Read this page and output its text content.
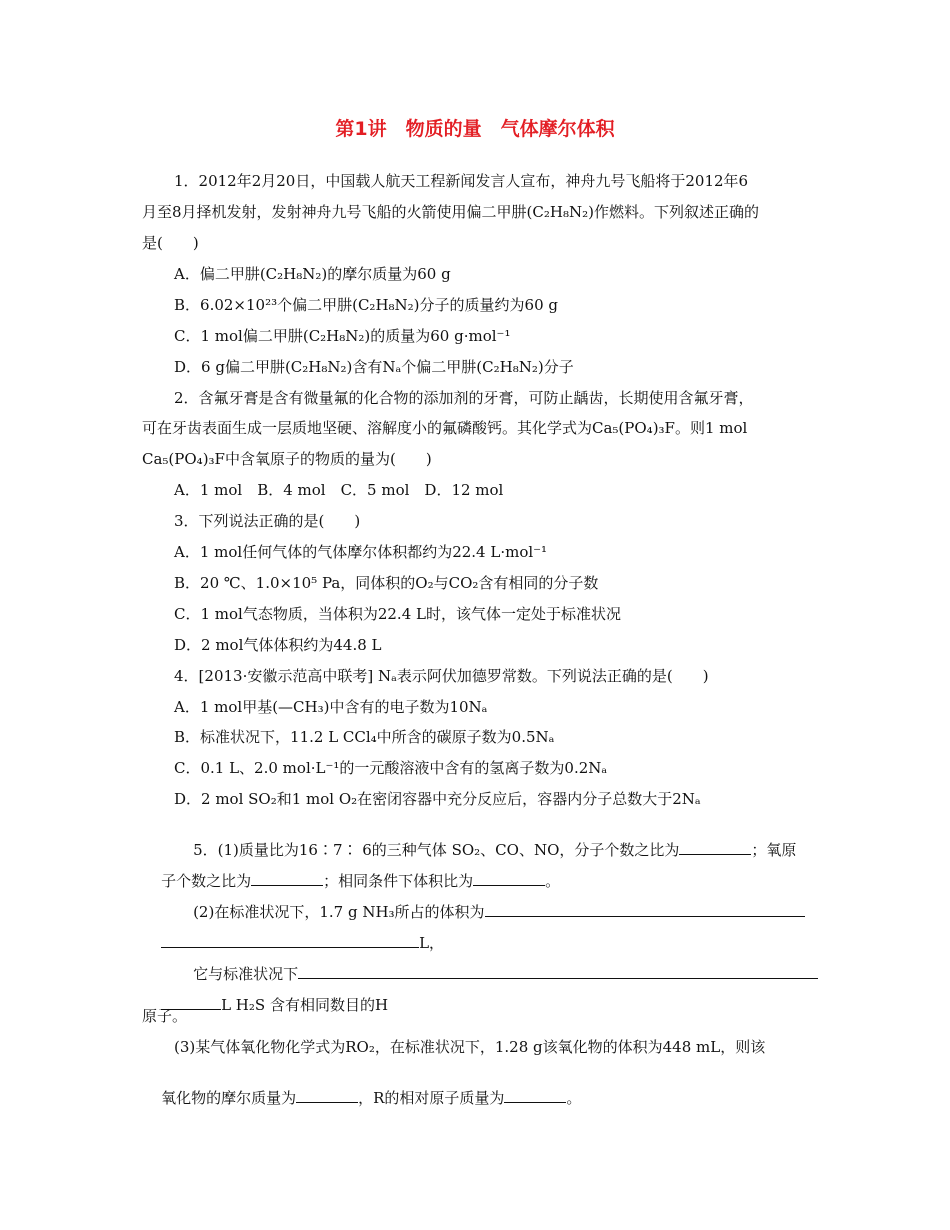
第1讲　物质的量　气体摩尔体积
1．2012年2月20日，中国载人航天工程新闻发言人宣布，神舟九号飞船将于2012年6
月至8月择机发射，发射神舟九号飞船的火箭使用偏二甲肼(C₂H₈N₂)作燃料。下列叙述正确的
是(　　)
A．偏二甲肼(C₂H₈N₂)的摩尔质量为60 g
B．6.02×10²³个偏二甲肼(C₂H₈N₂)分子的质量约为60 g
C．1 mol偏二甲肼(C₂H₈N₂)的质量为60 g·mol⁻¹
D．6 g偏二甲肼(C₂H₈N₂)含有Nₐ个偏二甲肼(C₂H₈N₂)分子
2．含氟牙膏是含有微量氟的化合物的添加剂的牙膏，可防止龋齿，长期使用含氟牙膏，
可在牙齿表面生成一层质地坚硬、溶解度小的氟磷酸钙。其化学式为Ca₅(PO₄)₃F。则1 mol
Ca₅(PO₄)₃F中含氧原子的物质的量为(　　)
A．1 mol　B．4 mol　C．5 mol　D．12 mol
3．下列说法正确的是(　　)
A．1 mol任何气体的气体摩尔体积都约为22.4 L·mol⁻¹
B．20 ℃、1.0×10⁵ Pa，同体积的O₂与CO₂含有相同的分子数
C．1 mol气态物质，当体积为22.4 L时，该气体一定处于标准状况
D．2 mol气体体积约为44.8 L
4．[2013·安徽示范高中联考] Nₐ表示阿伏加德罗常数。下列说法正确的是(　　)
A．1 mol甲基(—CH₃)中含有的电子数为10Nₐ
B．标准状况下，11.2 L CCl₄中所含的碳原子数为0.5Nₐ
C．0.1 L、2.0 mol·L⁻¹的一元酸溶液中含有的氢离子数为0.2Nₐ
D．2 mol SO₂和1 mol O₂在密闭容器中充分反应后，容器内分子总数大于2Nₐ

5．(1)质量比为16∶7∶ 6的三种气体 SO₂、CO、NO，分子个数之比为	；氧原

子个数之比为	；相同条件下体积比为	。

(2)在标准状况下，1.7 g NH₃所占的体积为

L，

它与标准状况下

L H₂S 含有相同数目的H

原子。
(3)某气体氧化物化学式为RO₂，在标准状况下，1.28 g该氧化物的体积为448 mL，则该

氧化物的摩尔质量为	，R的相对原子质量为	。
